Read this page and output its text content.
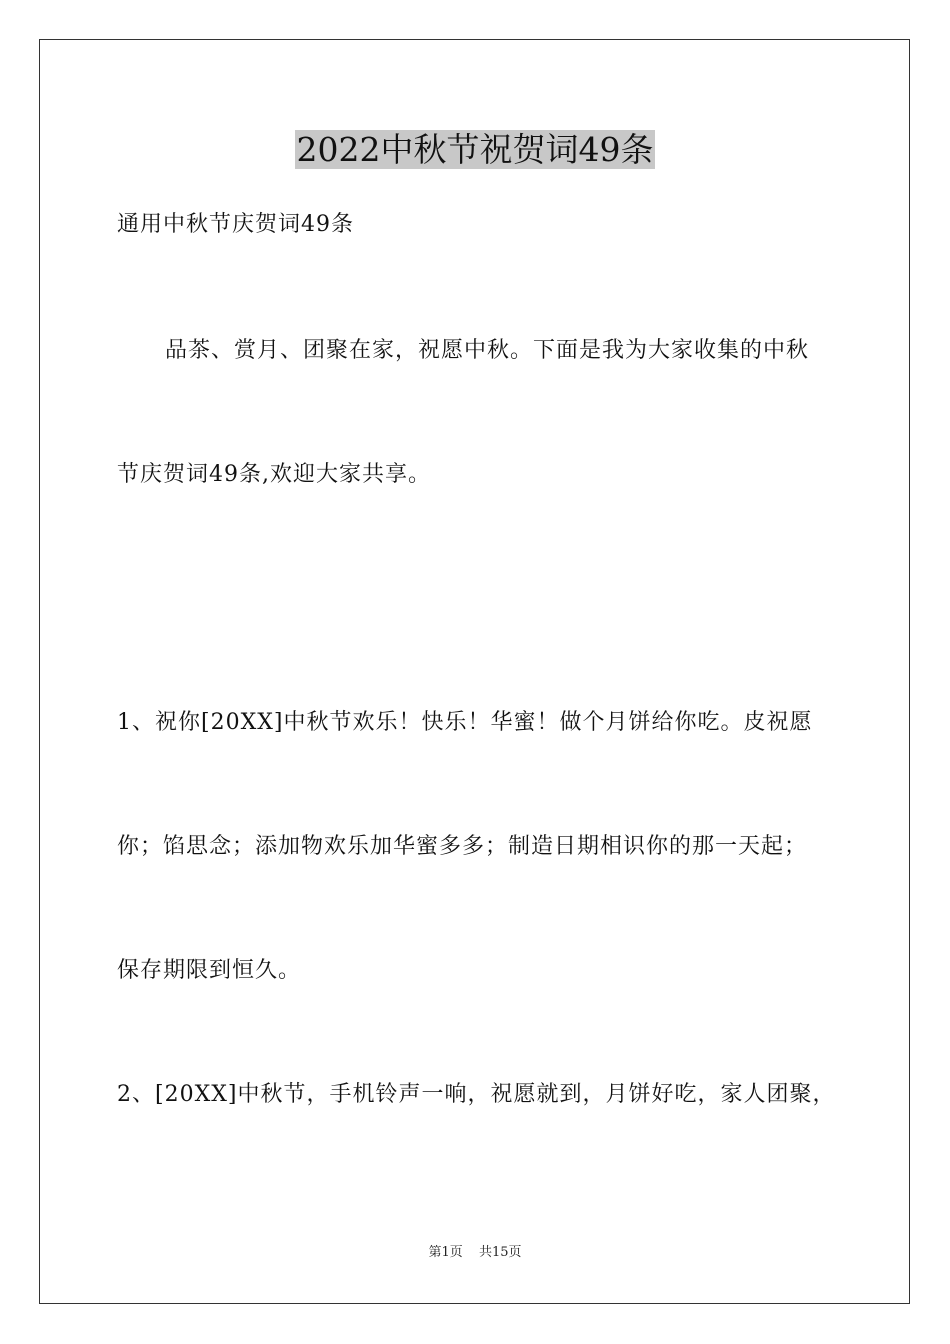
2022中秋节祝贺词49条

通用中秋节庆贺词49条

品茶、赏月、团聚在家，祝愿中秋。下面是我为大家收集的中秋

节庆贺词49条,欢迎大家共享。

1、祝你[20XX]中秋节欢乐！快乐！华蜜！做个月饼给你吃。皮祝愿

你；馅思念；添加物欢乐加华蜜多多；制造日期相识你的那一天起；

保存期限到恒久。

2、[20XX]中秋节，手机铃声一响，祝愿就到，月饼好吃，家人团聚，

第1页 共15页
